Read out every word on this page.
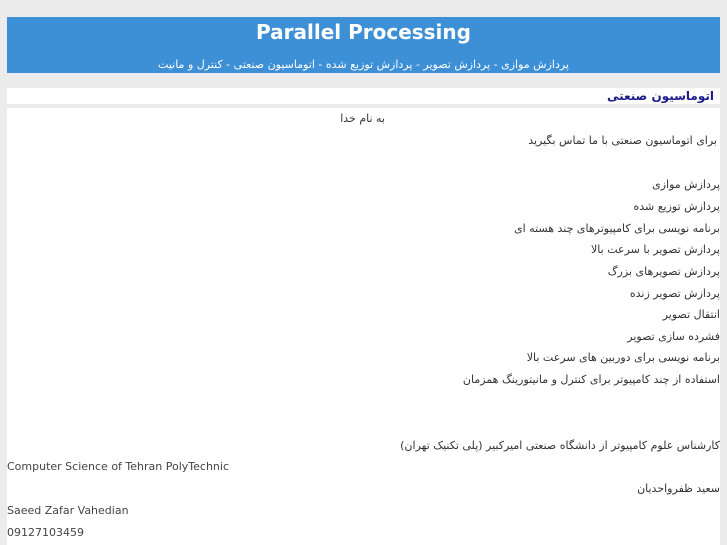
Parallel Processing
پردازش موازی - پردازش تصویر - پردازش توزیع شده - اتوماسیون صنعتی - کنترل و مانیت
اتوماسیون صنعتی
به نام خدا
برای اتوماسیون صنعتی با ما تماس بگیرید
پردازش موازی
پردازش توزیع شده
برنامه نویسی برای کامپیوترهای چند هسته ای
پردازش تصویر با سرعت بالا
پردازش تصویرهای بزرگ
پردازش تصویر زنده
انتقال تصویر
فشرده سازی تصویر
برنامه نویسی برای دوربین های سرعت بالا
استفاده از چند کامپیوتر برای کنترل و مانیتورینگ همزمان
کارشناس علوم کامپیوتر از دانشگاه صنعتی امیرکبیر (پلی تکنیک تهران)
Computer Science of Tehran PolyTechnic
سعید ظفرواحدیان
Saeed Zafar Vahedian
09127103459
